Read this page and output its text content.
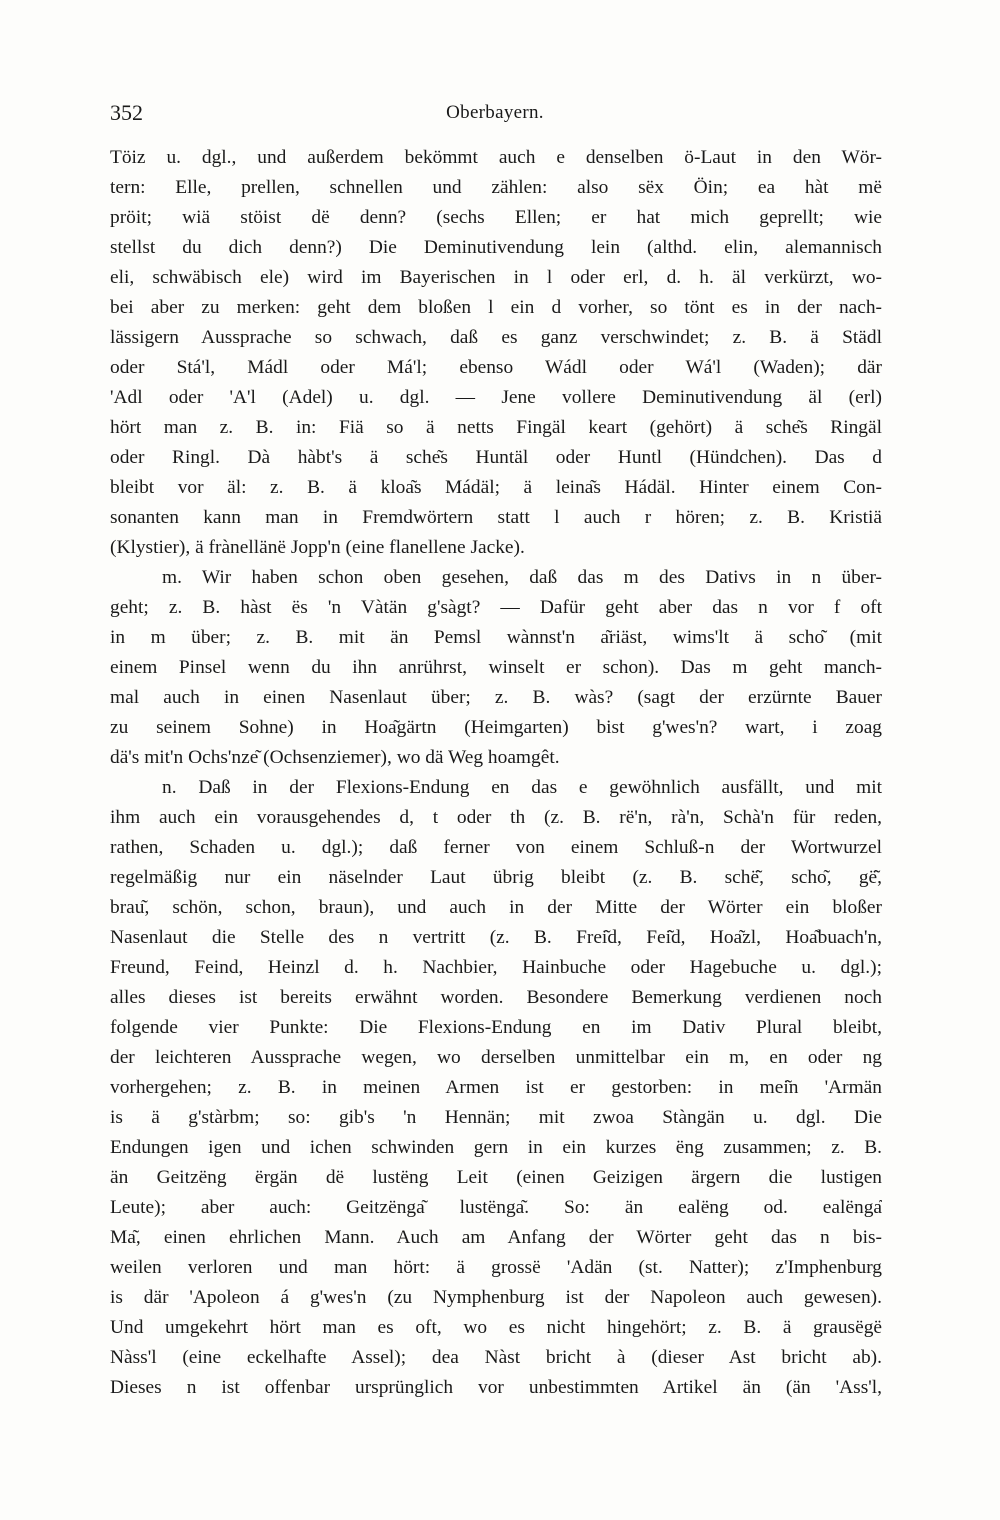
352	Oberbayern.
Töiz u. dgl., und außerdem bekömmt auch e denselben ö-Laut in den Wör-
tern: Elle, prellen, schnellen und zählen: also sëx Öin; ea hàt më
pröit; wiä stöist dë denn? (sechs Ellen; er hat mich geprellt; wie
stellst du dich denn?) Die Deminutivendung lein (althd. elin, alemannisch
eli, schwäbisch ele) wird im Bayerischen in l oder erl, d. h. äl verkürzt, wo-
bei aber zu merken: geht dem bloßen l ein d vorher, so tönt es in der nach-
lässigern Aussprache so schwach, daß es ganz verschwindet; z. B. ä Städl
oder Stá'l, Mádl oder Má'l; ebenso Wádl oder Wá'l (Waden); där
'Adl oder 'A'l (Adel) u. dgl. — Jene vollere Deminutivendung äl (erl)
hört man z. B. in: Fiä so ä netts Fingäl keart (gehört) ä sche͂s Ringäl
oder Ringl. Dà hàbt's ä sche͂s Huntäl oder Huntl (Hündchen). Das d
bleibt vor äl: z. B. ä kloa͂s Mádäl; ä leina͂s Hádäl. Hinter einem Con-
sonanten kann man in Fremdwörtern statt l auch r hören; z. B. Kristiä
(Klystier), ä frànellänë Jopp'n (eine flanellene Jacke).
m. Wir haben schon oben gesehen, daß das m des Dativs in n über-
geht; z. B. hàst ës 'n Vàtän g'sàgt? — Dafür geht aber das n vor f oft
in m über; z. B. mit än Pemsl wànnst'n a͂riäst, wims'lt ä scho͂ (mit
einem Pinsel wenn du ihn anrührst, winselt er schon). Das m geht manch-
mal auch in einen Nasenlaut über; z. B. wàs? (sagt der erzürnte Bauer
zu seinem Sohne) in Hoa͂gärtn (Heimgarten) bist g'wes'n? wart, i zoag
dä's mit'n Ochs'nze͂ (Ochsenziemer), wo dä Weg hoamgêt.
n. Daß in der Flexions-Endung en das e gewöhnlich ausfällt, und mit
ihm auch ein vorausgehendes d, t oder th (z. B. rë'n, rà'n, Schà'n für reden,
rathen, Schaden u. dgl.); daß ferner von einem Schluß-n der Wortwurzel
regelmäßig nur ein näselnder Laut übrig bleibt (z. B. schë͂, scho͂, gë͂,
brau͂, schön, schon, braun), und auch in der Mitte der Wörter ein bloßer
Nasenlaut die Stelle des n vertritt (z. B. Frei͂d, Fei͂d, Hoa͂zl, Hoa͂buach'n,
Freund, Feind, Heinzl d. h. Nachbier, Hainbuche oder Hagebuche u. dgl.);
alles dieses ist bereits erwähnt worden. Besondere Bemerkung verdienen noch
folgende vier Punkte: Die Flexions-Endung en im Dativ Plural bleibt,
der leichteren Aussprache wegen, wo derselben unmittelbar ein m, en oder ng
vorhergehen; z. B. in meinen Armen ist er gestorben: in mei͂n 'Armän
is ä g'stàrbm; so: gib's 'n Hennän; mit zwoa Stàngän u. dgl. Die
Endungen igen und ichen schwinden gern in ein kurzes ëng zusammen; z. B.
än Geitzëng ërgän dë lustëng Leit (einen Geizigen ärgern die lustigen
Leute); aber auch: Geitzënga͂ lustënga͂. So: än ealëng od. ealënga͂
Ma͂, einen ehrlichen Mann. Auch am Anfang der Wörter geht das n bis-
weilen verloren und man hört: ä grossë 'Adän (st. Natter); z'Imphenburg
is där 'Apoleon á g'wes'n (zu Nymphenburg ist der Napoleon auch gewesen).
Und umgekehrt hört man es oft, wo es nicht hingehört; z. B. ä grausëgë
Nàss'l (eine eckelhafte Assel); dea Nàst bricht à (dieser Ast bricht ab).
Dieses n ist offenbar ursprünglich vor unbestimmten Artikel än (än 'Ass'l,
